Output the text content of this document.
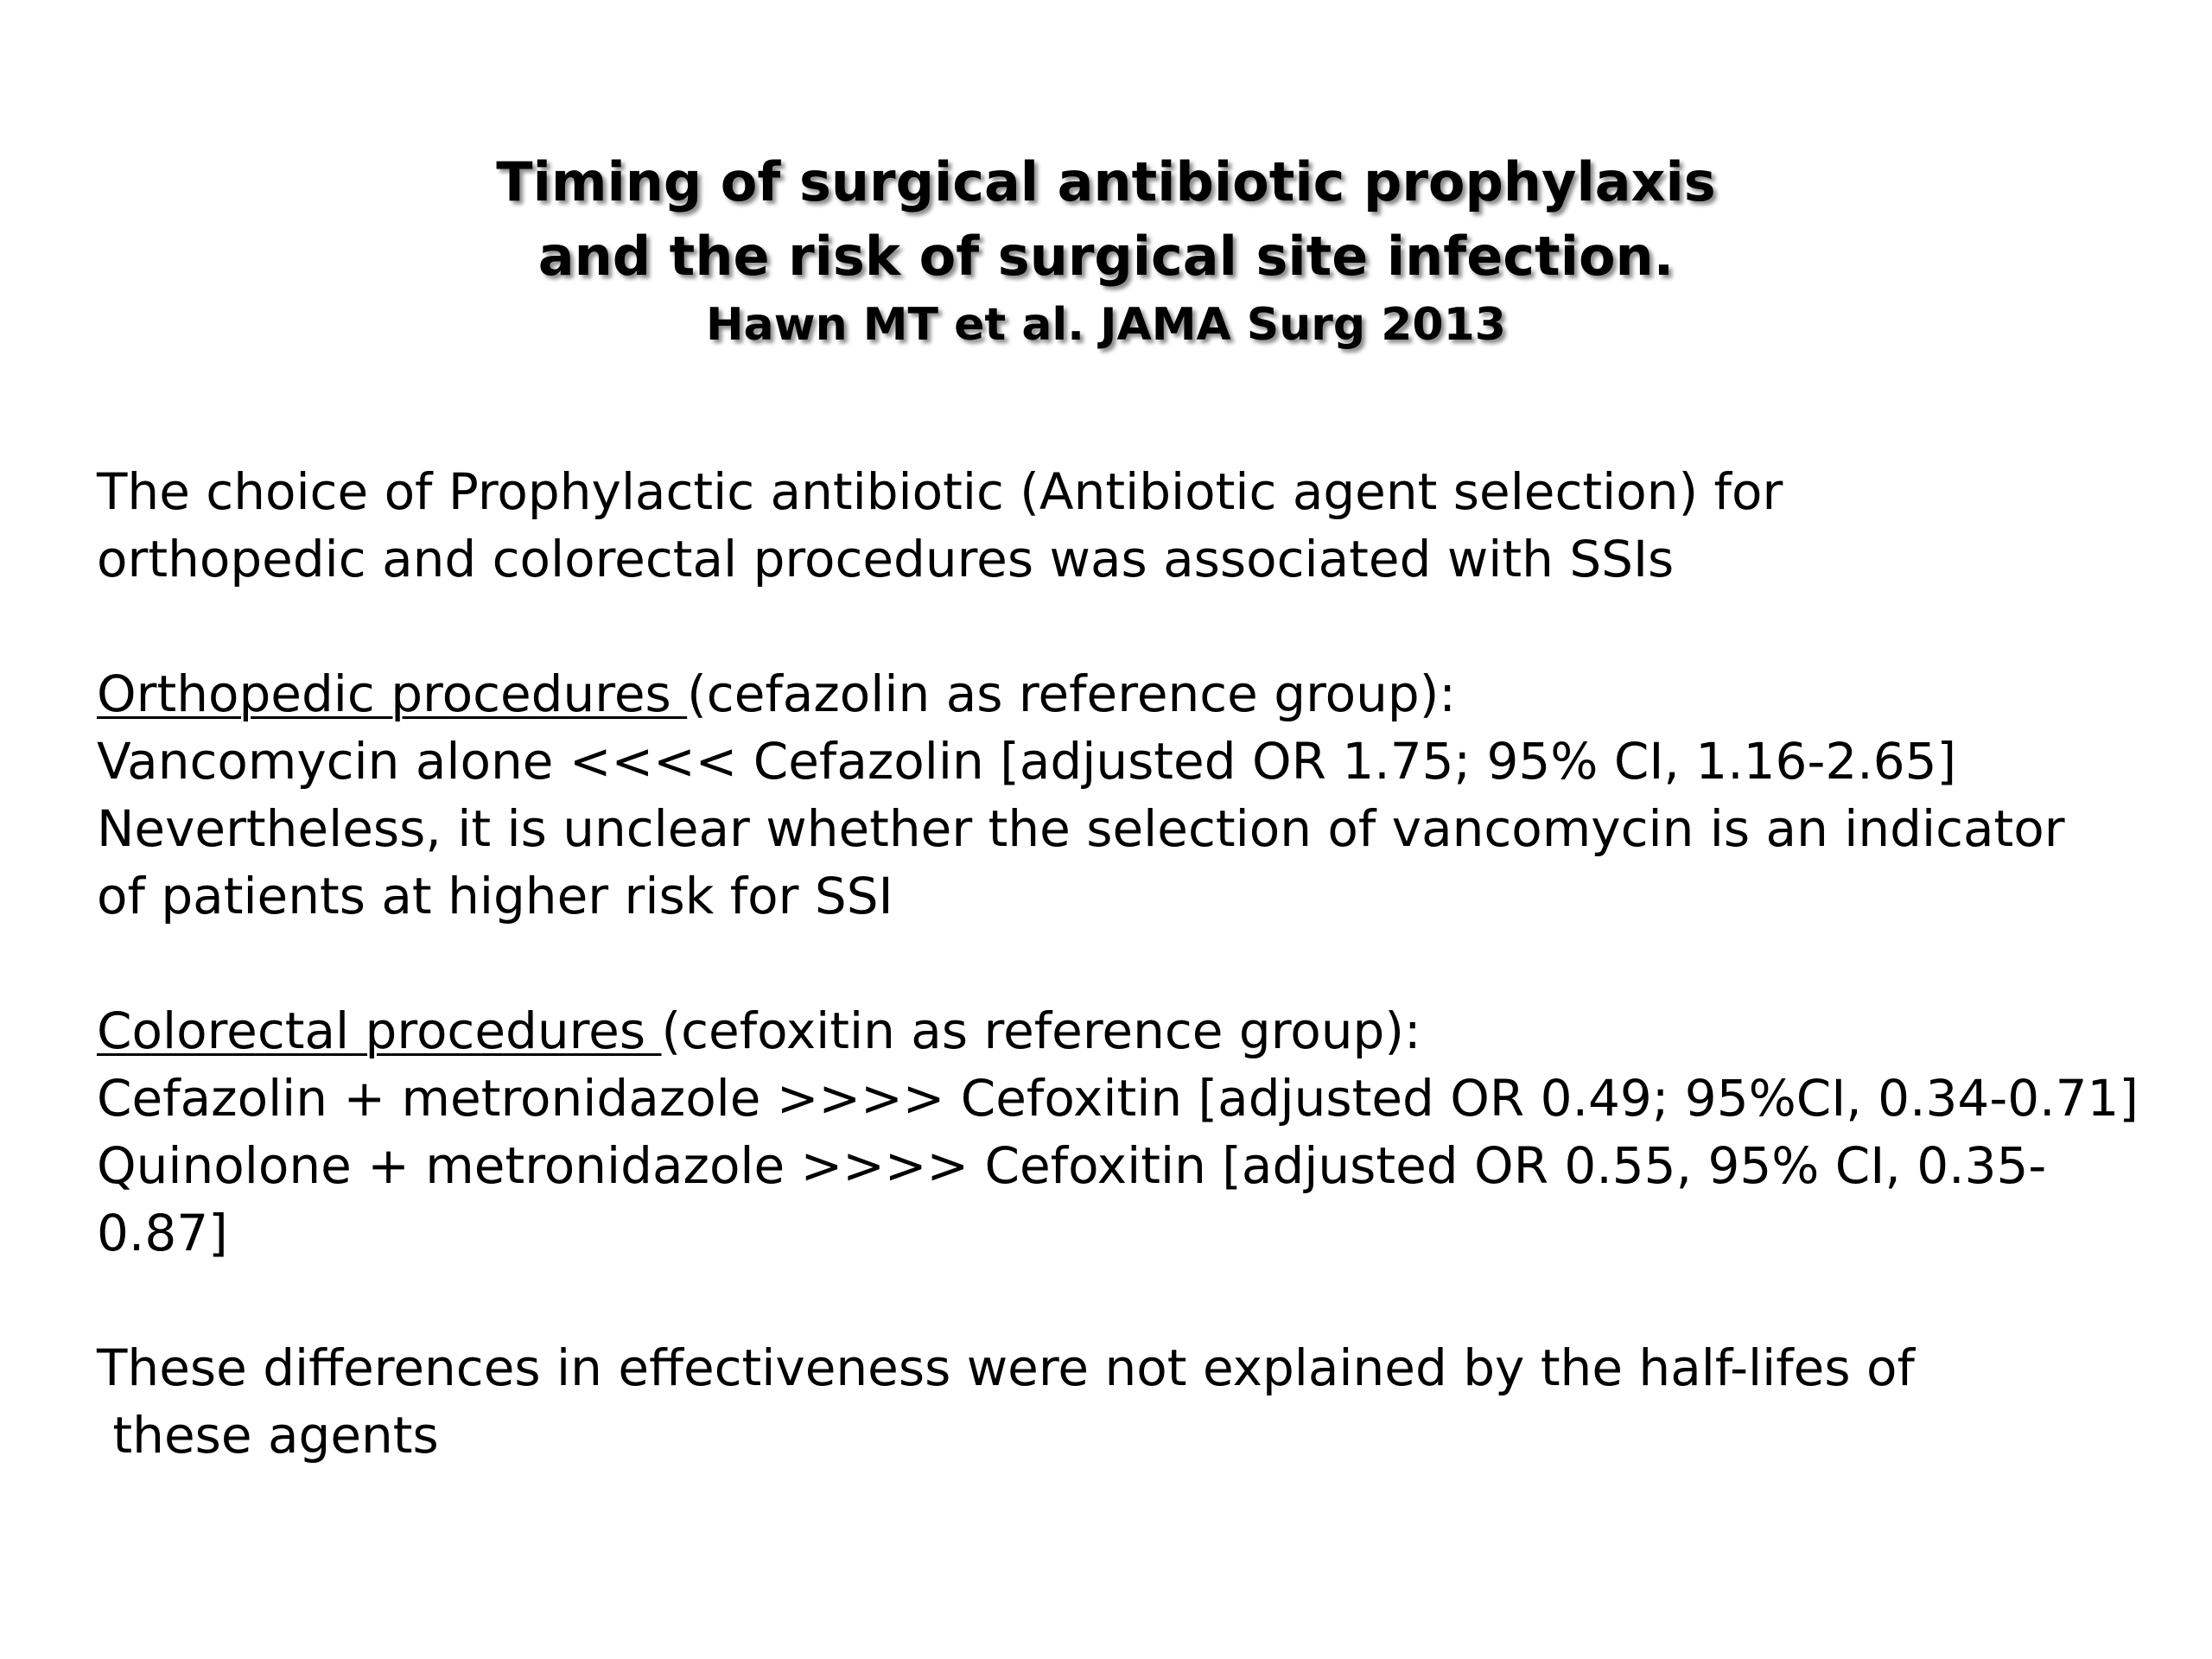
Timing of surgical antibiotic prophylaxis
and the risk of surgical site infection.
Hawn MT et al. JAMA Surg 2013
The choice of Prophylactic antibiotic (Antibiotic agent selection) for
orthopedic and colorectal procedures was associated with SSIs
Orthopedic procedures (cefazolin as reference group):
Vancomycin alone <<<< Cefazolin [adjusted OR 1.75; 95% CI, 1.16-2.65]
Nevertheless, it is unclear whether the selection of vancomycin is an indicator
of patients at higher risk for SSI
Colorectal procedures (cefoxitin as reference group):
Cefazolin + metronidazole >>>> Cefoxitin [adjusted OR 0.49; 95%CI, 0.34-0.71]
Quinolone + metronidazole >>>> Cefoxitin [adjusted OR 0.55, 95% CI, 0.35-
0.87]
These differences in effectiveness were not explained by the half-lifes of
these agents
